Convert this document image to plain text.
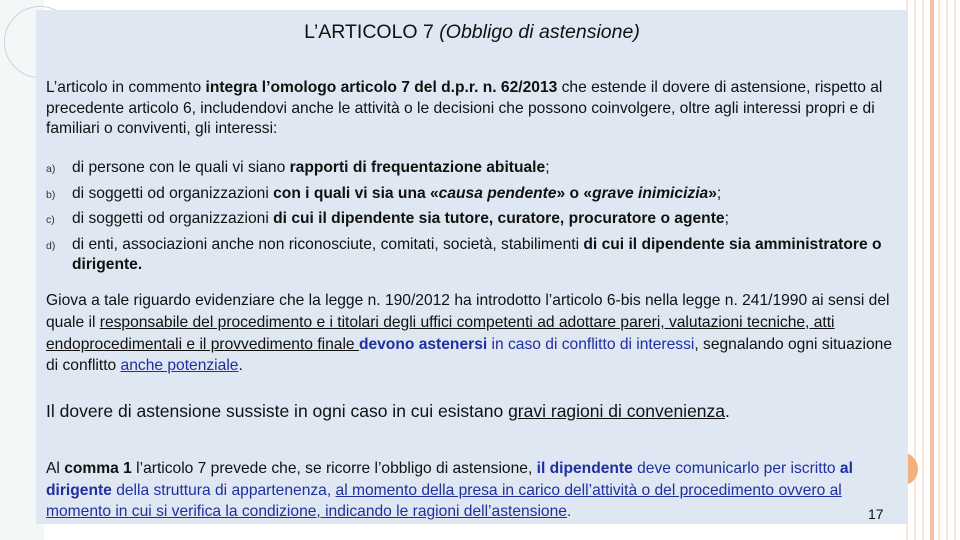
L’ARTICOLO 7 (Obbligo di astensione)
L’articolo in commento integra l’omologo articolo 7 del d.p.r. n. 62/2013 che estende il dovere di astensione, rispetto al precedente articolo 6, includendovi anche le attività o le decisioni che possono coinvolgere, oltre agli interessi propri e di familiari o conviventi, gli interessi:
a) di persone con le quali vi siano rapporti di frequentazione abituale;
b) di soggetti od organizzazioni con i quali vi sia una «causa pendente» o «grave inimicizia»;
c) di soggetti od organizzazioni di cui il dipendente sia tutore, curatore, procuratore o agente;
d) di enti, associazioni anche non riconosciute, comitati, società, stabilimenti di cui il dipendente sia amministratore o dirigente.
Giova a tale riguardo evidenziare che la legge n. 190/2012 ha introdotto l’articolo 6-bis nella legge n. 241/1990 ai sensi del quale il responsabile del procedimento e i titolari degli uffici competenti ad adottare pareri, valutazioni tecniche, atti endoprocedimentali e il provvedimento finale devono astenersi in caso di conflitto di interessi, segnalando ogni situazione di conflitto anche potenziale.
Il dovere di astensione sussiste in ogni caso in cui esistano gravi ragioni di convenienza.
Al comma 1 l’articolo 7 prevede che, se ricorre l’obbligo di astensione, il dipendente deve comunicarlo per iscritto al dirigente della struttura di appartenenza, al momento della presa in carico dell’attività o del procedimento ovvero al momento in cui si verifica la condizione, indicando le ragioni dell’astensione.	17
